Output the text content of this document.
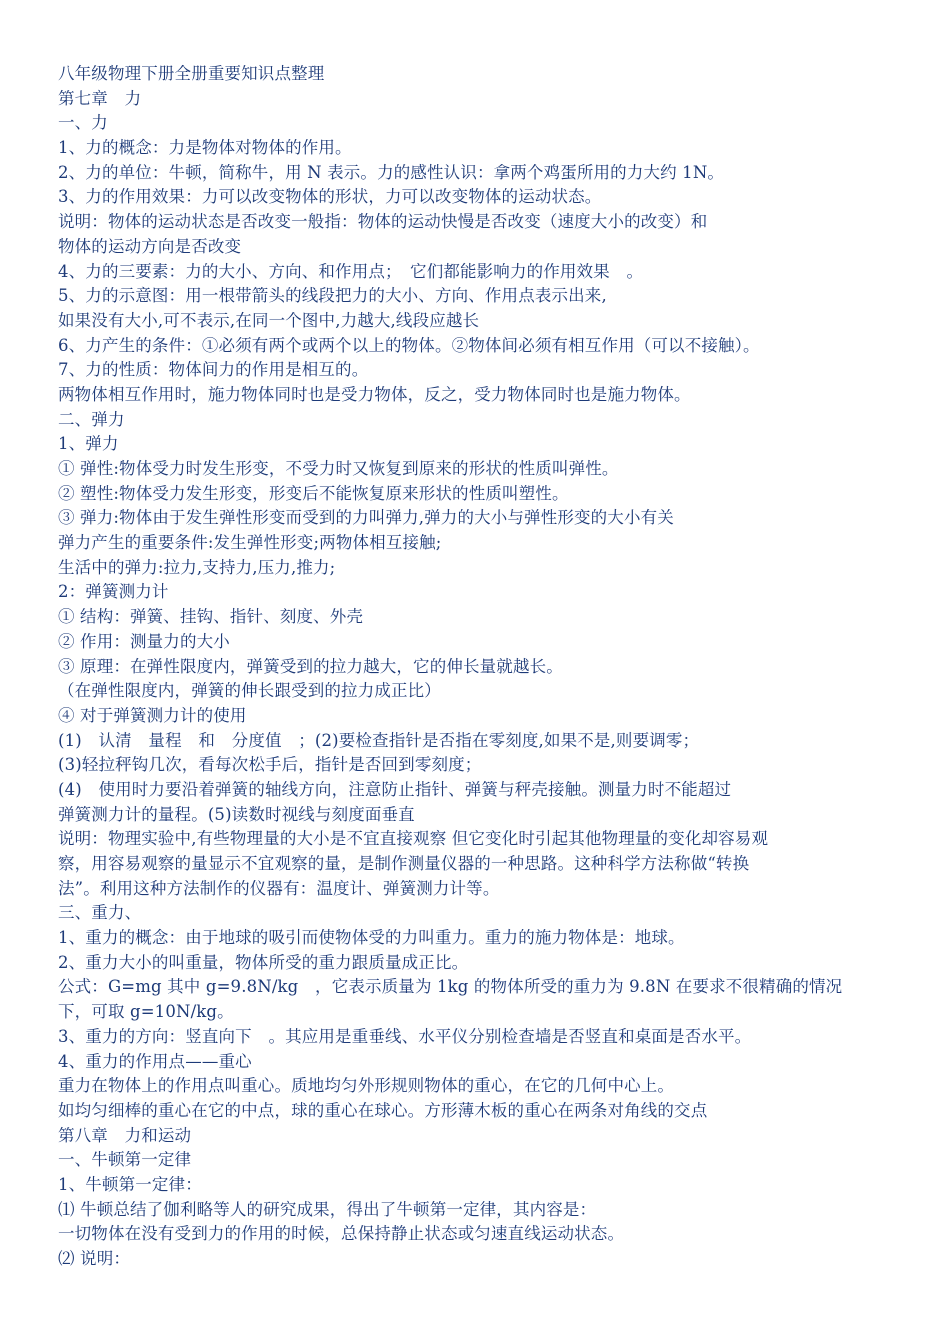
八年级物理下册全册重要知识点整理
第七章　力
一、力
1、力的概念：力是物体对物体的作用。
2、力的单位：牛顿，简称牛，用 N 表示。力的感性认识：拿两个鸡蛋所用的力大约 1N。
3、力的作用效果：力可以改变物体的形状，力可以改变物体的运动状态。
说明：物体的运动状态是否改变一般指：物体的运动快慢是否改变（速度大小的改变）和
物体的运动方向是否改变
4、力的三要素：力的大小、方向、和作用点；　它们都能影响力的作用效果　。
5、力的示意图：用一根带箭头的线段把力的大小、方向、作用点表示出来,
如果没有大小,可不表示,在同一个图中,力越大,线段应越长
6、力产生的条件：①必须有两个或两个以上的物体。②物体间必须有相互作用（可以不接触）。
7、力的性质：物体间力的作用是相互的。
两物体相互作用时，施力物体同时也是受力物体，反之，受力物体同时也是施力物体。
二、弹力
1、弹力
① 弹性:物体受力时发生形变，不受力时又恢复到原来的形状的性质叫弹性。
② 塑性:物体受力发生形变，形变后不能恢复原来形状的性质叫塑性。
③ 弹力:物体由于发生弹性形变而受到的力叫弹力,弹力的大小与弹性形变的大小有关
弹力产生的重要条件:发生弹性形变;两物体相互接触;
生活中的弹力:拉力,支持力,压力,推力;
2：弹簧测力计
① 结构：弹簧、挂钩、指针、刻度、外壳
② 作用：测量力的大小
③ 原理：在弹性限度内，弹簧受到的拉力越大，它的伸长量就越长。
（在弹性限度内，弹簧的伸长跟受到的拉力成正比）
④ 对于弹簧测力计的使用
(1)　认清　量程　和　分度值　；(2)要检查指针是否指在零刻度,如果不是,则要调零；
(3)轻拉秤钩几次，看每次松手后，指针是否回到零刻度；
(4)　使用时力要沿着弹簧的轴线方向，注意防止指针、弹簧与秤壳接触。测量力时不能超过
弹簧测力计的量程。(5)读数时视线与刻度面垂直
说明：物理实验中,有些物理量的大小是不宜直接观察 但它变化时引起其他物理量的变化却容易观
察，用容易观察的量显示不宜观察的量，是制作测量仪器的一种思路。这种科学方法称做“转换
法”。利用这种方法制作的仪器有：温度计、弹簧测力计等。
三、重力、
1、重力的概念：由于地球的吸引而使物体受的力叫重力。重力的施力物体是：地球。
2、重力大小的叫重量，物体所受的重力跟质量成正比。
公式：G=mg 其中 g=9.8N/kg　，它表示质量为 1kg 的物体所受的重力为 9.8N 在要求不很精确的情况
下，可取 g=10N/kg。
3、重力的方向：竖直向下　。其应用是重垂线、水平仪分别检查墙是否竖直和桌面是否水平。
4、重力的作用点——重心
重力在物体上的作用点叫重心。质地均匀外形规则物体的重心，在它的几何中心上。
如均匀细棒的重心在它的中点，球的重心在球心。方形薄木板的重心在两条对角线的交点
第八章　力和运动
一、牛顿第一定律
1、牛顿第一定律：
⑴ 牛顿总结了伽利略等人的研究成果，得出了牛顿第一定律，其内容是：
一切物体在没有受到力的作用的时候，总保持静止状态或匀速直线运动状态。
⑵ 说明：
